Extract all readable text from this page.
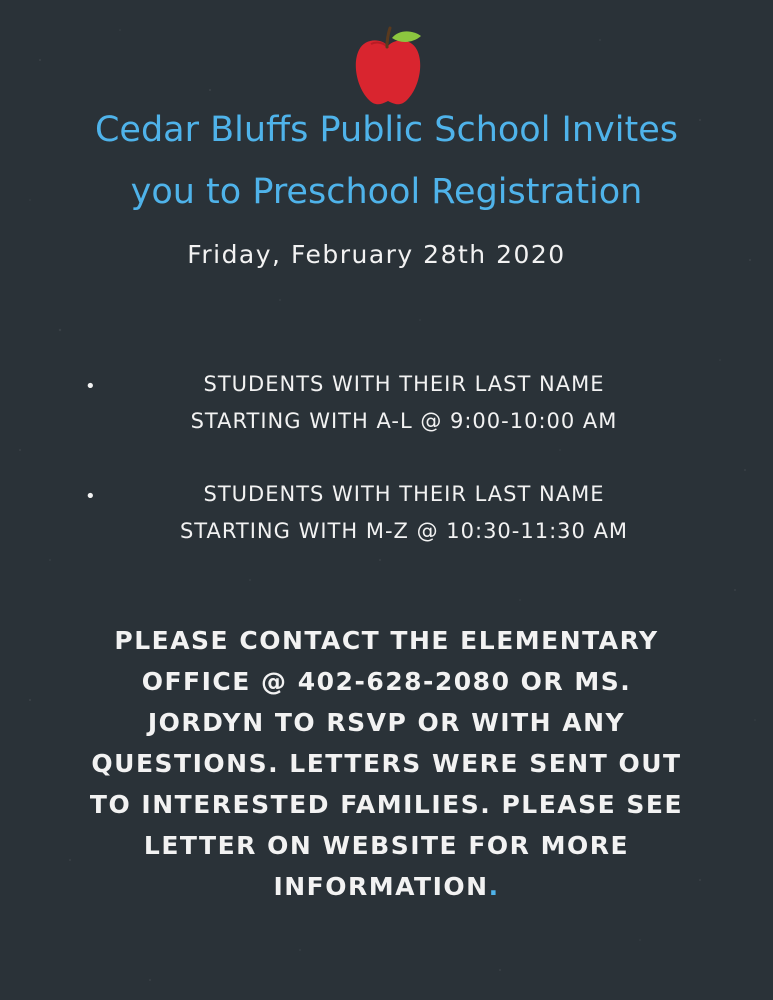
Cedar Bluffs Public School Invites
you to Preschool Registration
Friday, February 28th 2020
•	STUDENTS WITH THEIR LAST NAME
STARTING WITH A-L @ 9:00-10:00 AM
•	STUDENTS WITH THEIR LAST NAME
STARTING WITH M-Z @ 10:30-11:30 AM
PLEASE CONTACT THE ELEMENTARY
OFFICE @ 402-628-2080 OR MS.
JORDYN TO RSVP OR WITH ANY
QUESTIONS. LETTERS WERE SENT OUT
TO INTERESTED FAMILIES. PLEASE SEE
LETTER ON WEBSITE FOR MORE
INFORMATION.
